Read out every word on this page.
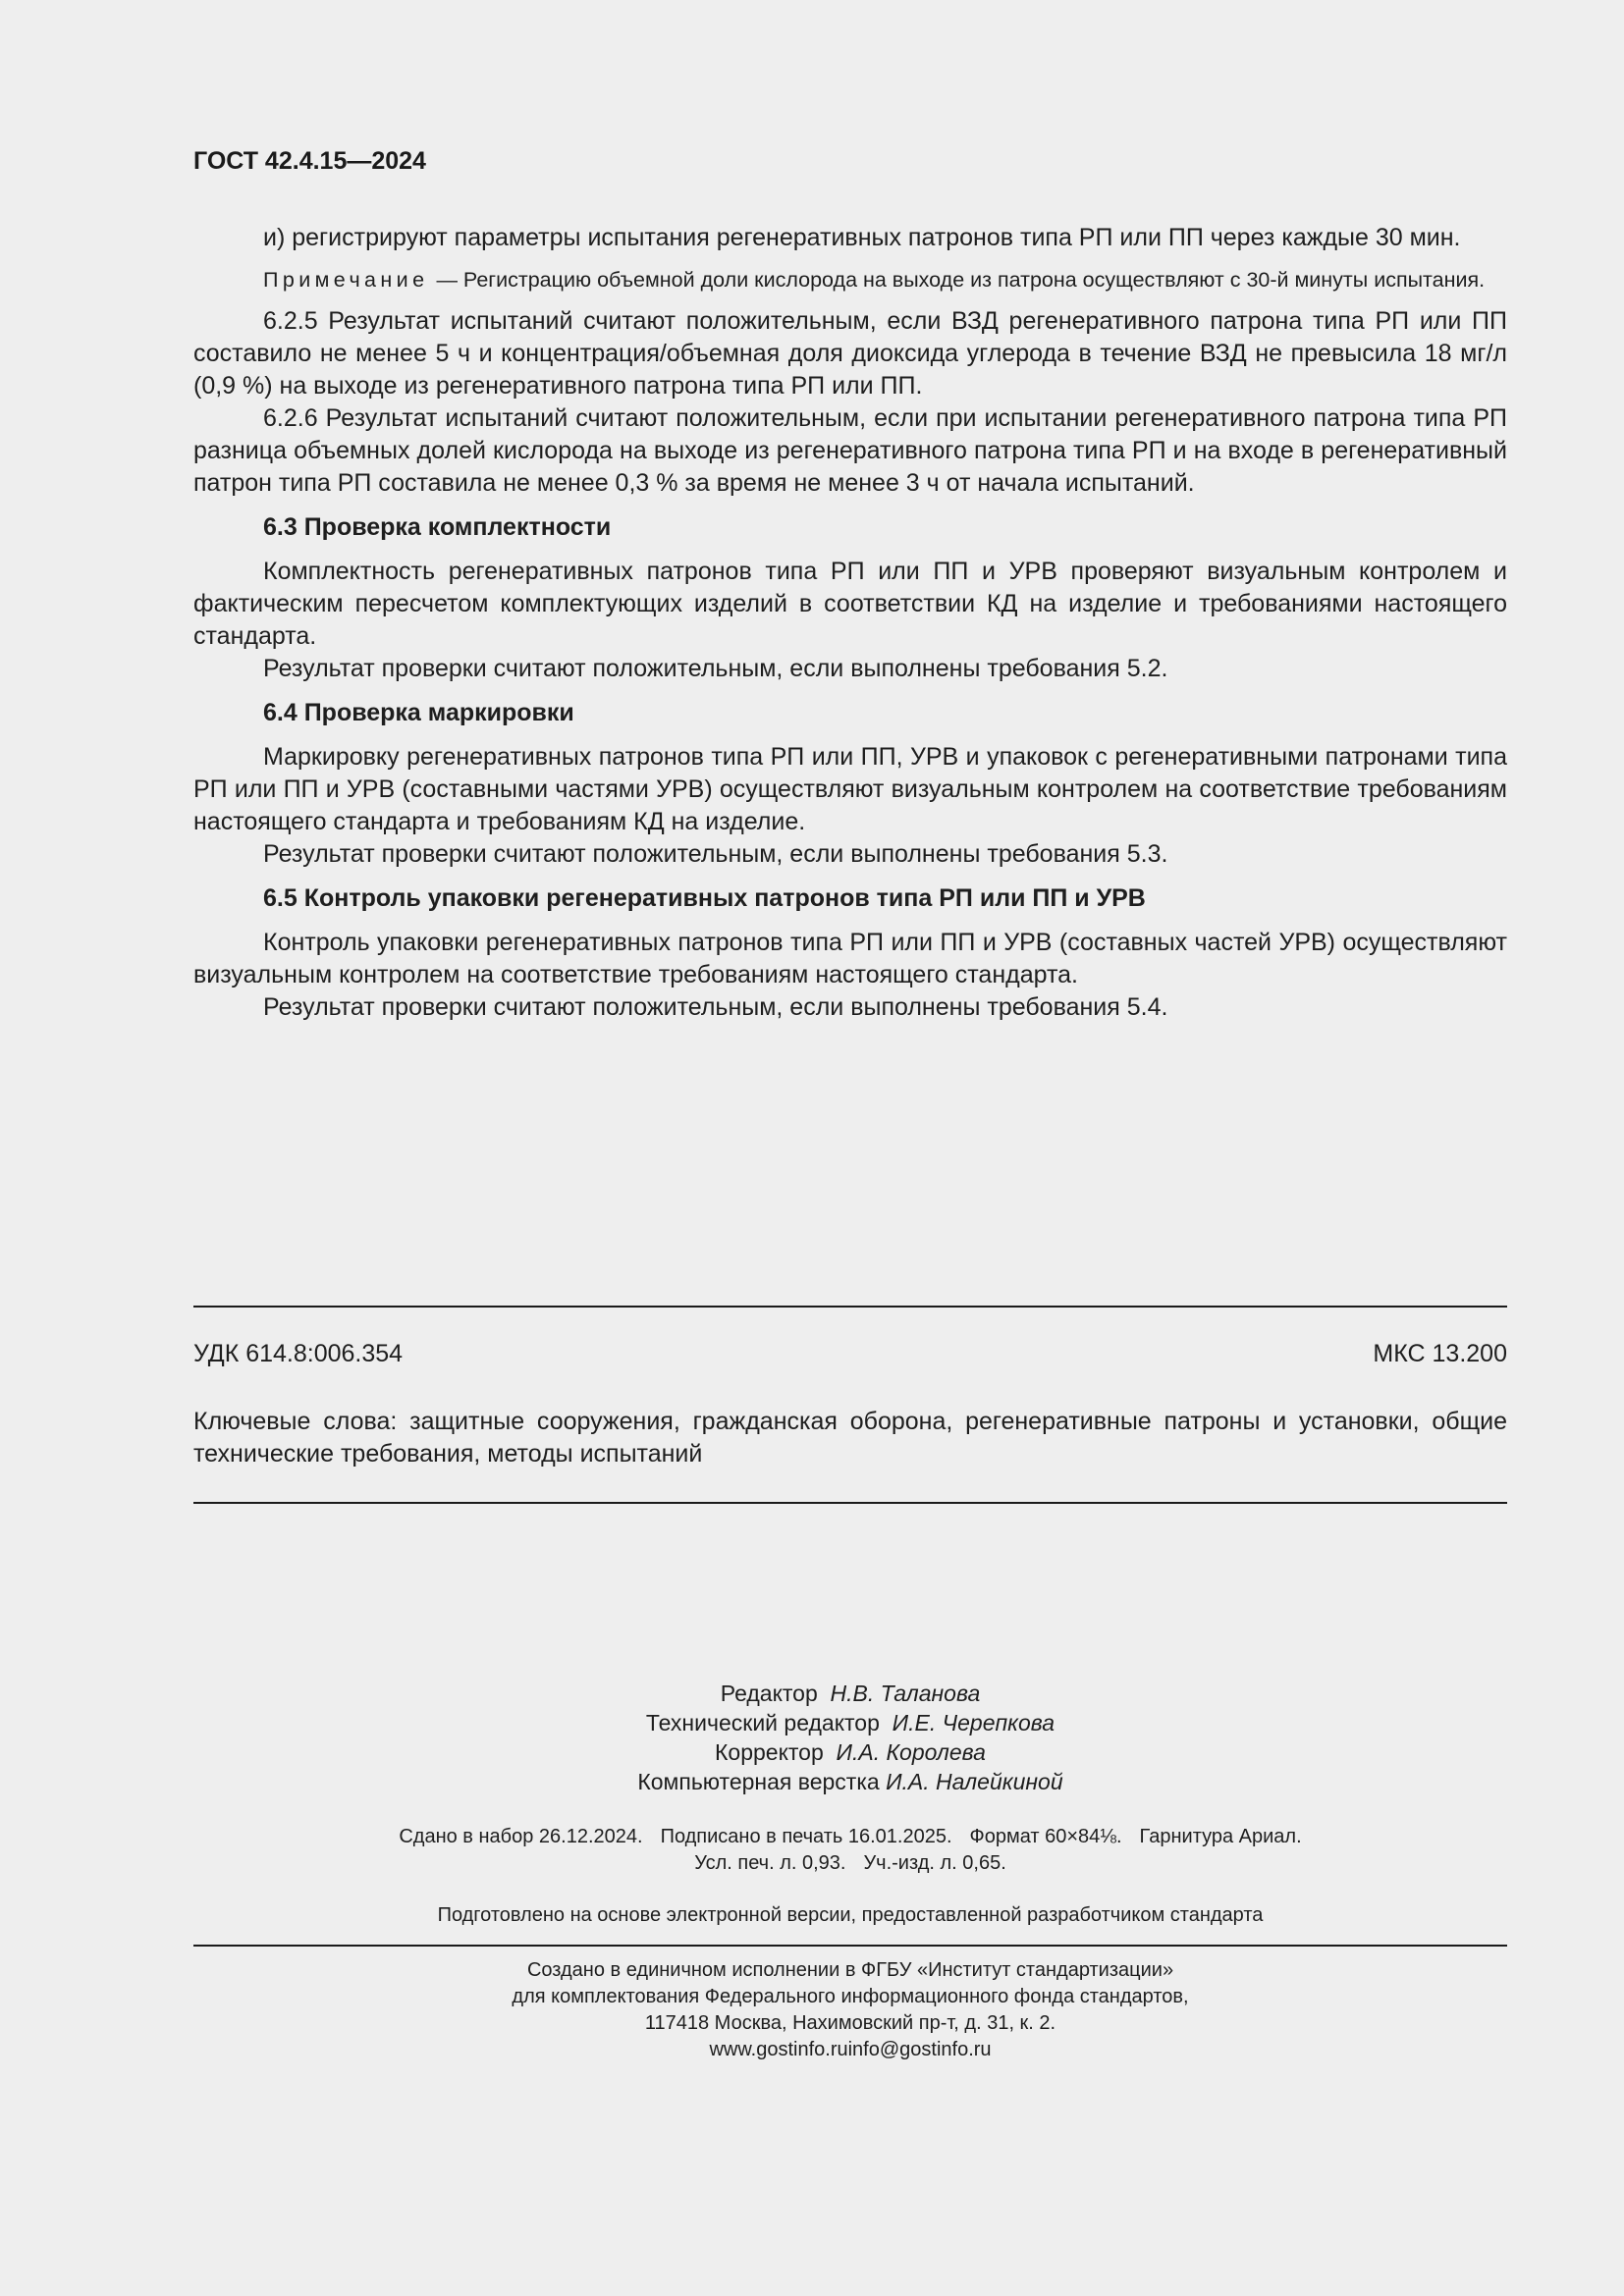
ГОСТ 42.4.15—2024

и) регистрируют параметры испытания регенеративных патронов типа РП или ПП через каждые 30 мин.

Примечание — Регистрацию объемной доли кислорода на выходе из патрона осуществляют с 30-й минуты испытания.

6.2.5 Результат испытаний считают положительным, если ВЗД регенеративного патрона типа РП или ПП составило не менее 5 ч и концентрация/объемная доля диоксида углерода в течение ВЗД не превысила 18 мг/л (0,9 %) на выходе из регенеративного патрона типа РП или ПП.

6.2.6 Результат испытаний считают положительным, если при испытании регенеративного патрона типа РП разница объемных долей кислорода на выходе из регенеративного патрона типа РП и на входе в регенеративный патрон типа РП составила не менее 0,3 % за время не менее 3 ч от начала испытаний.

6.3 Проверка комплектности

Комплектность регенеративных патронов типа РП или ПП и УРВ проверяют визуальным контролем и фактическим пересчетом комплектующих изделий в соответствии КД на изделие и требованиями настоящего стандарта.

Результат проверки считают положительным, если выполнены требования 5.2.

6.4 Проверка маркировки

Маркировку регенеративных патронов типа РП или ПП, УРВ и упаковок с регенеративными патронами типа РП или ПП и УРВ (составными частями УРВ) осуществляют визуальным контролем на соответствие требованиям настоящего стандарта и требованиям КД на изделие.

Результат проверки считают положительным, если выполнены требования 5.3.

6.5 Контроль упаковки регенеративных патронов типа РП или ПП и УРВ

Контроль упаковки регенеративных патронов типа РП или ПП и УРВ (составных частей УРВ) осуществляют визуальным контролем на соответствие требованиям настоящего стандарта.

Результат проверки считают положительным, если выполнены требования 5.4.

УДК 614.8:006.354	МКС 13.200
Ключевые слова: защитные сооружения, гражданская оборона, регенеративные патроны и установки, общие технические требования, методы испытаний
Редактор Н.В. Таланова
Технический редактор И.Е. Черепкова
Корректор И.А. Королева
Компьютерная верстка И.А. Налейкиной
Сдано в набор 26.12.2024. Подписано в печать 16.01.2025. Формат 60×84⅛. Гарнитура Ариал.
Усл. печ. л. 0,93. Уч.-изд. л. 0,65.
Подготовлено на основе электронной версии, предоставленной разработчиком стандарта
Создано в единичном исполнении в ФГБУ «Институт стандартизации»
для комплектования Федерального информационного фонда стандартов,
117418 Москва, Нахимовский пр-т, д. 31, к. 2.
www.gostinfo.ruinfo@gostinfo.ru
